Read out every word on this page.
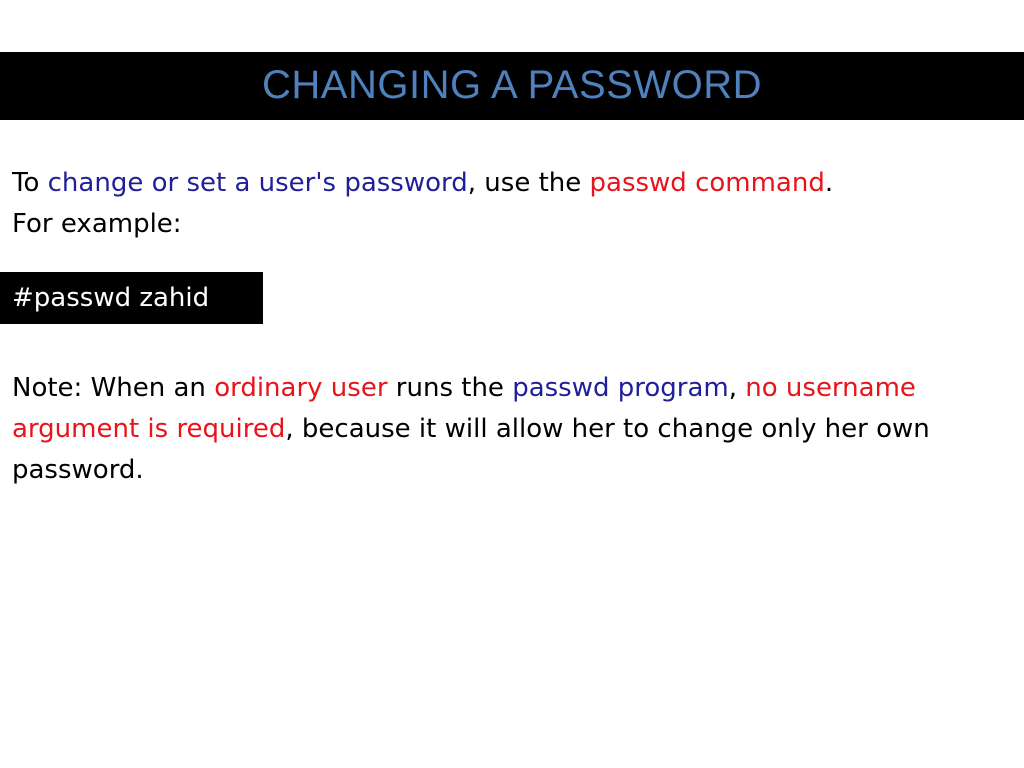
CHANGING A PASSWORD

To change or set a user's password, use the passwd command.
For example:

#passwd zahid

Note: When an ordinary user runs the passwd program, no username argument is required, because it will allow her to change only her own password.
